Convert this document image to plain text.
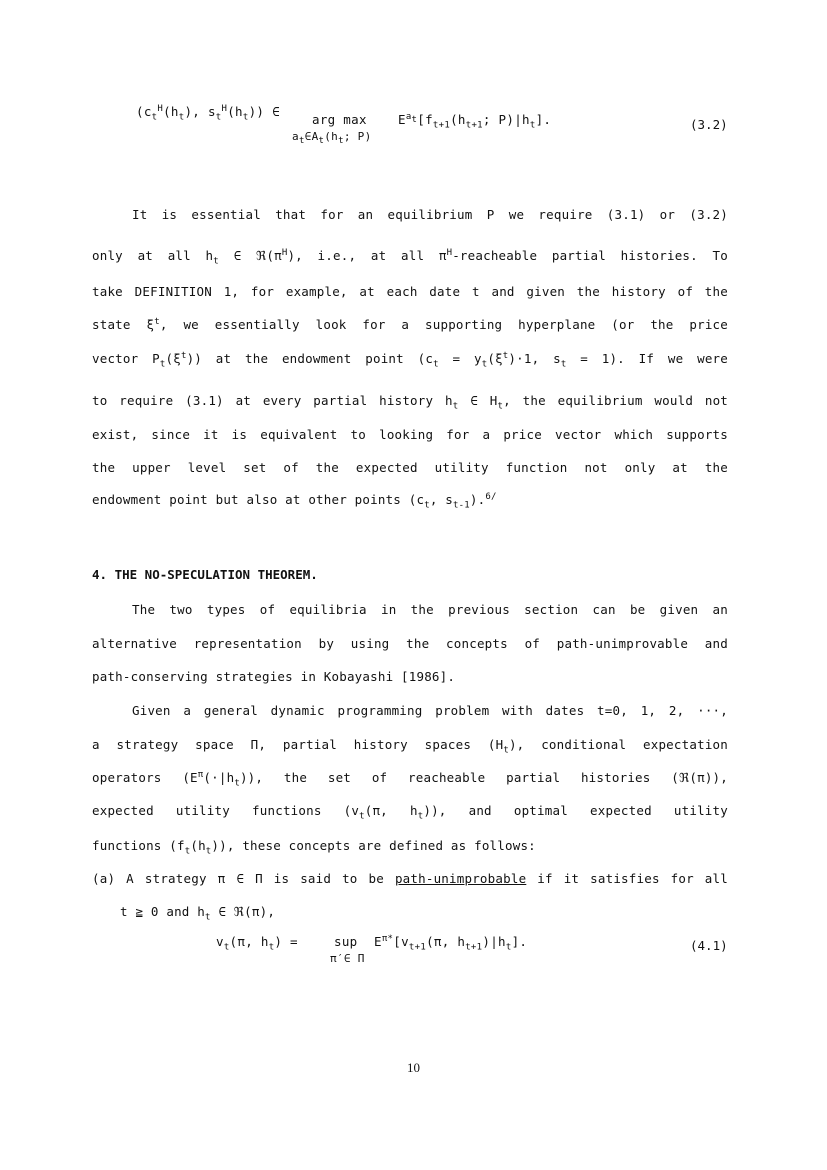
($c_t^H(h_t)$, $s_t^H(h_t)$) ∈
arg max
$a_t\in A_t(h_t$; P)
$E^{a_t}[f_{t+1}(h_{t+1}$; $P)|h_t$].	(3.2)
It is essential that for an equilibrium P we require (3.1) or (3.2)
only at all $h_t$ ∈ $ℜ(\pi^H)$, i.e., at all $\pi^H$-reacheable partial histories. To
take DEFINITION 1, for example, at each date t and given the history of the
state $\xi^t$, we essentially look for a supporting hyperplane (or the price
vector $P_t(\xi^t)$) at the endowment point ($c_t = y_t(\xi^t)\cdot 1$, $s_t = 1$). If we were
to require (3.1) at every partial history $h_t$ ∈ $H_t$, the equilibrium would not
exist, since it is equivalent to looking for a price vector which supports
the upper level set of the expected utility function not only at the
endowment point but also at other points ($c_t$, $s_{t-1}).^{6/}$
4. THE NO-SPECULATION THEOREM.
The two types of equilibria in the previous section can be given an
alternative representation by using the concepts of path-unimprovable and
path-conserving strategies in Kobayashi [1986].
Given a general dynamic programming problem with dates t=0, 1, 2, ···,
a strategy space Π, partial history spaces $(H_t)$, conditional expectation
operators $(E^\pi(\cdot|h_t))$, the set of reacheable partial histories (ℜ(π)),
expected utility functions ($v_t(\pi$, $h_t$)), and optimal expected utility
functions $(f_t(h_t))$, these concepts are defined as follows:
(a) A strategy π ∈ Π is said to be path-unimprobable if it satisfies for all
t ≧ 0 and $h_t$ ∈ ℜ(π),
$v_t(\pi$, $h_t$) =	sup
π′∈ Π
$E^{\pi*}[v_{t+1}(\pi$, $h_{t+1})|h_t$].	(4.1)
10
